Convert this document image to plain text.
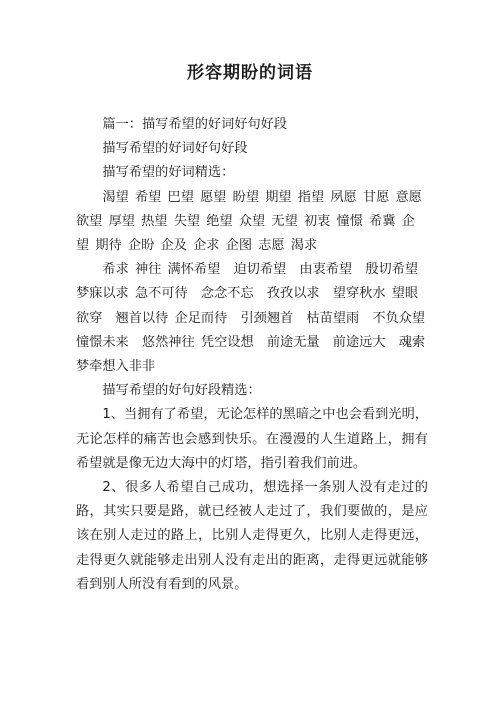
形容期盼的词语

篇一：描写希望的好词好句好段

描写希望的好词好句好段

描写希望的好词精选：

渴望 希望 巴望 愿望 盼望 期望 指望 夙愿 甘愿 意愿 欲望 厚望 热望 失望 绝望 众望 无望 初衷 憧憬 希冀 企望 期待 企盼 企及 企求 企图 志愿 渴求

希求 神往 满怀希望　迫切希望　由衷希望　殷切希望　梦寐以求 急不可待　念念不忘　孜孜以求　望穿秋水 望眼欲穿　翘首以待 企足而待　引颈翘首　枯苗望雨　不负众望　憧憬未来　悠然神往 凭空设想　前途无量　前途远大　魂索梦牵想入非非

描写希望的好句好段精选：

1、当拥有了希望，无论怎样的黑暗之中也会看到光明，无论怎样的痛苦也会感到快乐。在漫漫的人生道路上，拥有希望就是像无边大海中的灯塔，指引着我们前进。

2、很多人希望自己成功，想选择一条别人没有走过的路，其实只要是路，就已经被人走过了，我们要做的，是应该在别人走过的路上，比别人走得更久，比别人走得更远，走得更久就能够走出别人没有走出的距离，走得更远就能够看到别人所没有看到的风景。
